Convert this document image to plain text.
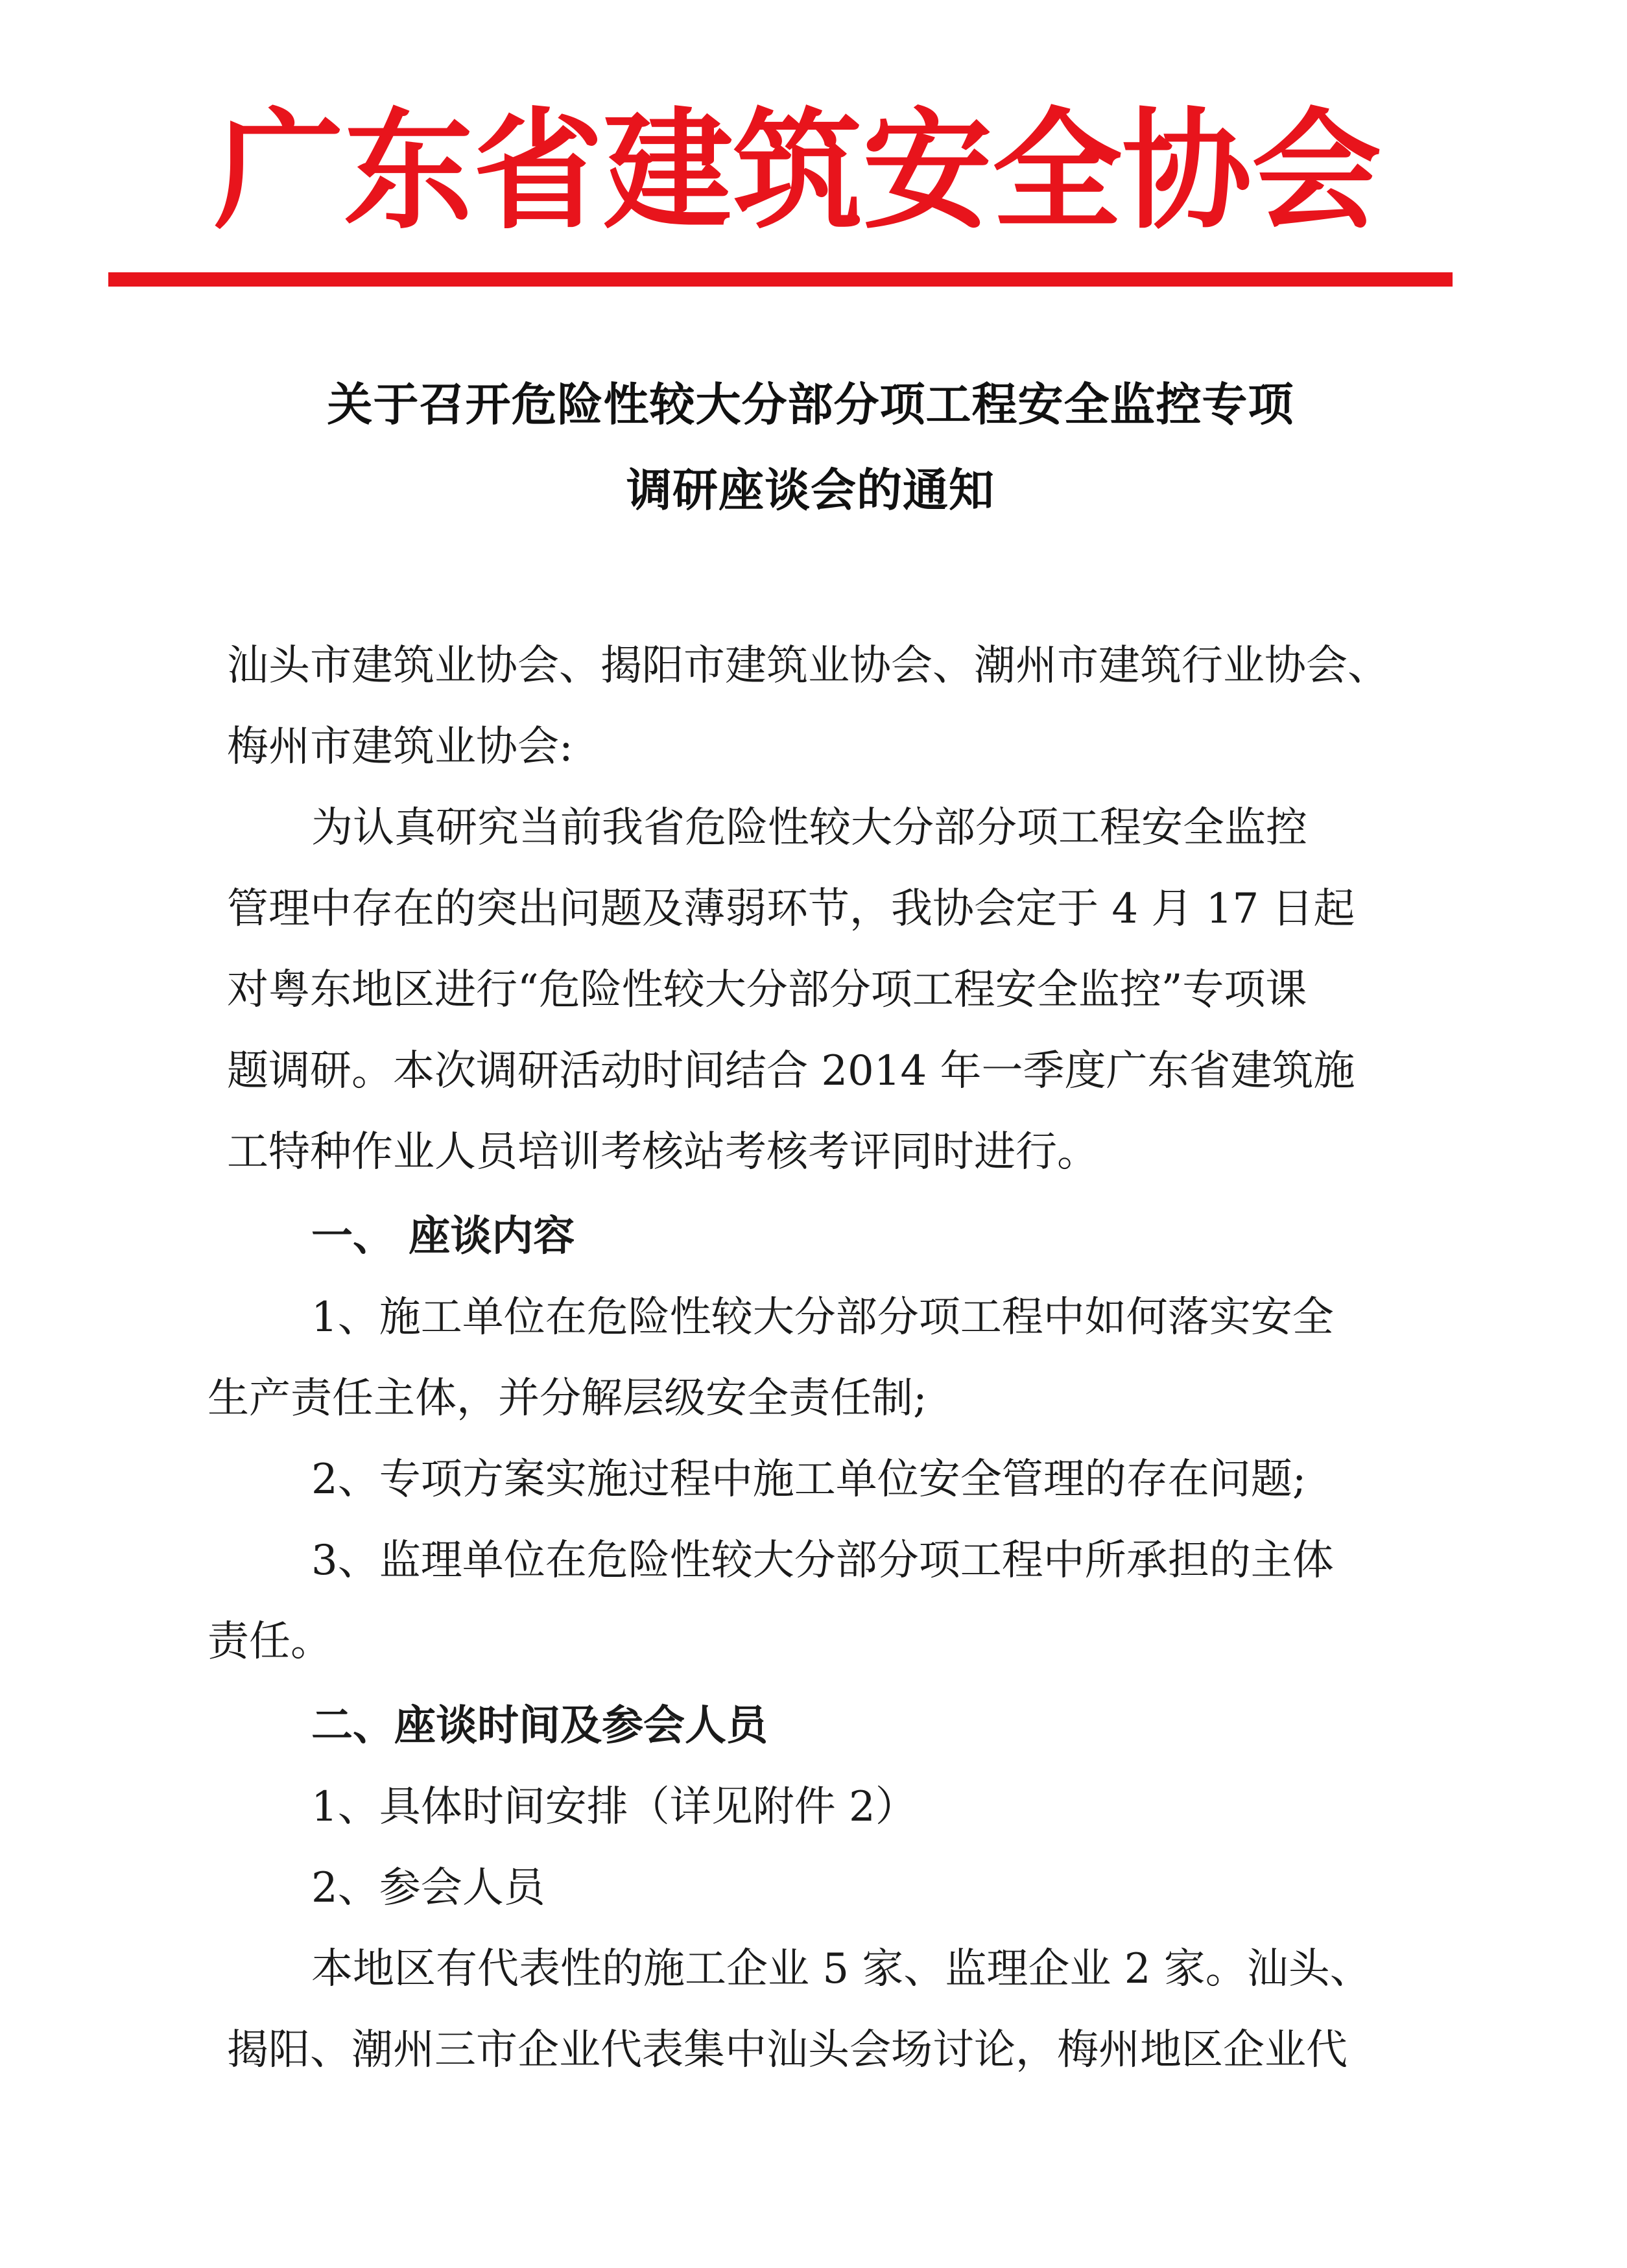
广 东 省 建 筑 安 全 协 会
关于召开危险性较大分部分项工程安全监控专项
调研座谈会的通知
汕头市建筑业协会、揭阳市建筑业协会、潮州市建筑行业协会、
梅州市建筑业协会:
为认真研究当前我省危险性较大分部分项工程安全监控
管理中存在的突出问题及薄弱环节，我协会定于 4 月 17 日起
对粤东地区进行“危险性较大分部分项工程安全监控”专项课
题调研。本次调研活动时间结合 2014 年一季度广东省建筑施
工特种作业人员培训考核站考核考评同时进行。
一、 座谈内容
1、施工单位在危险性较大分部分项工程中如何落实安全
生产责任主体，并分解层级安全责任制;
2、专项方案实施过程中施工单位安全管理的存在问题;
3、监理单位在危险性较大分部分项工程中所承担的主体
责任。
二、座谈时间及参会人员
1、具体时间安排（详见附件 2）
2、参会人员
本地区有代表性的施工企业 5 家、监理企业 2 家。汕头、
揭阳、潮州三市企业代表集中汕头会场讨论，梅州地区企业代
